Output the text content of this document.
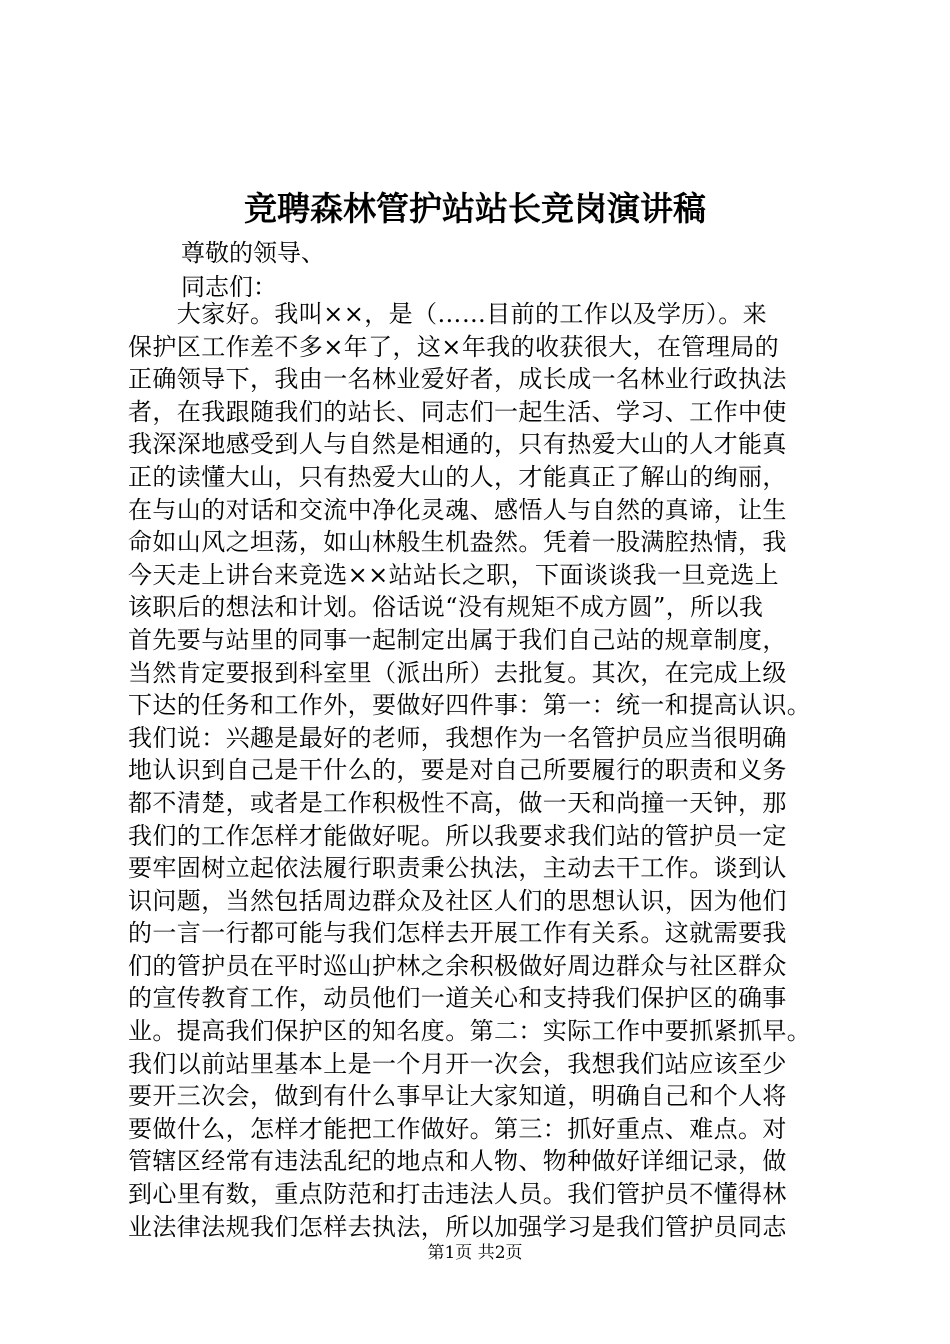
竞聘森林管护站站长竞岗演讲稿
尊敬的领导、
同志们：
　　大家好。我叫××，是（……目前的工作以及学历）。来
保护区工作差不多×年了，这×年我的收获很大，在管理局的
正确领导下，我由一名林业爱好者，成长成一名林业行政执法
者，在我跟随我们的站长、同志们一起生活、学习、工作中使
我深深地感受到人与自然是相通的，只有热爱大山的人才能真
正的读懂大山，只有热爱大山的人，才能真正了解山的绚丽，
在与山的对话和交流中净化灵魂、感悟人与自然的真谛，让生
命如山风之坦荡，如山林般生机盎然。凭着一股满腔热情，我
今天走上讲台来竞选××站站长之职，下面谈谈我一旦竞选上
该职后的想法和计划。俗话说“没有规矩不成方圆”，所以我
首先要与站里的同事一起制定出属于我们自己站的规章制度，
当然肯定要报到科室里（派出所）去批复。其次，在完成上级
下达的任务和工作外，要做好四件事：第一：统一和提高认识。
我们说：兴趣是最好的老师，我想作为一名管护员应当很明确
地认识到自己是干什么的，要是对自己所要履行的职责和义务
都不清楚，或者是工作积极性不高，做一天和尚撞一天钟，那
我们的工作怎样才能做好呢。所以我要求我们站的管护员一定
要牢固树立起依法履行职责秉公执法，主动去干工作。谈到认
识问题，当然包括周边群众及社区人们的思想认识，因为他们
的一言一行都可能与我们怎样去开展工作有关系。这就需要我
们的管护员在平时巡山护林之余积极做好周边群众与社区群众
的宣传教育工作，动员他们一道关心和支持我们保护区的确事
业。提高我们保护区的知名度。第二：实际工作中要抓紧抓早。
我们以前站里基本上是一个月开一次会，我想我们站应该至少
要开三次会，做到有什么事早让大家知道，明确自己和个人将
要做什么，怎样才能把工作做好。第三：抓好重点、难点。对
管辖区经常有违法乱纪的地点和人物、物种做好详细记录，做
到心里有数，重点防范和打击违法人员。我们管护员不懂得林
业法律法规我们怎样去执法，所以加强学习是我们管护员同志
第1页 共2页
